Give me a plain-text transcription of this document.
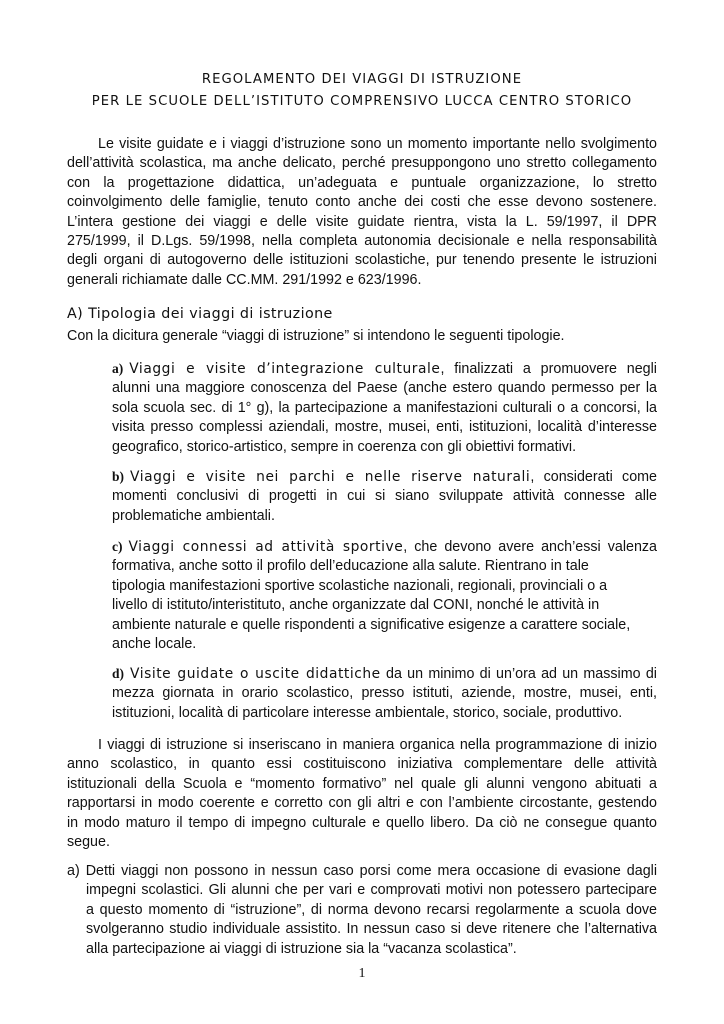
REGOLAMENTO DEI VIAGGI DI ISTRUZIONE
PER LE SCUOLE DELL’ISTITUTO COMPRENSIVO LUCCA CENTRO STORICO
Le visite guidate e i viaggi d’istruzione sono un momento importante nello svolgimento
dell’attività scolastica, ma anche delicato, perché presuppongono uno stretto collegamento
con la progettazione didattica, un’adeguata e puntuale organizzazione, lo stretto
coinvolgimento delle famiglie, tenuto conto anche dei costi che esse devono sostenere.
L’intera gestione dei viaggi e delle visite guidate rientra, vista la L. 59/1997, il DPR
275/1999, il D.Lgs. 59/1998, nella completa autonomia decisionale e nella responsabilità
degli organi di autogoverno delle istituzioni scolastiche, pur tenendo presente le istruzioni
generali richiamate dalle CC.MM. 291/1992 e 623/1996.
A) Tipologia dei viaggi di istruzione
Con la dicitura generale “viaggi di istruzione” si intendono le seguenti tipologie.
a) Viaggi e visite d’integrazione culturale, finalizzati a promuovere negli
alunni una maggiore conoscenza del Paese (anche estero quando permesso per la
sola scuola sec. di 1° g), la partecipazione a manifestazioni culturali o a concorsi, la
visita presso complessi aziendali, mostre, musei, enti, istituzioni, località d’interesse
geografico, storico-artistico, sempre in coerenza con gli obiettivi formativi.
b) Viaggi e visite nei parchi e nelle riserve naturali, considerati come
momenti conclusivi di progetti in cui si siano sviluppate attività connesse alle
problematiche ambientali.
c) Viaggi connessi ad attività sportive, che devono avere anch’essi valenza
formativa, anche sotto il profilo dell’educazione alla salute. Rientrano in tale
tipologia manifestazioni sportive scolastiche nazionali, regionali, provinciali o a
livello di istituto/interistituto, anche organizzate dal CONI, nonché le attività in
ambiente naturale e quelle rispondenti a significative esigenze a carattere sociale,
anche locale.
d) Visite guidate o uscite didattiche da un minimo di un’ora ad un massimo di
mezza giornata in orario scolastico, presso istituti, aziende, mostre, musei, enti,
istituzioni, località di particolare interesse ambientale, storico, sociale, produttivo.
I viaggi di istruzione si inseriscano in maniera organica nella programmazione di inizio
anno scolastico, in quanto essi costituiscono iniziativa complementare delle attività
istituzionali della Scuola e “momento formativo” nel quale gli alunni vengono abituati a
rapportarsi in modo coerente e corretto con gli altri e con l’ambiente circostante, gestendo
in modo maturo il tempo di impegno culturale e quello libero. Da ciò ne consegue quanto
segue.
a) Detti viaggi non possono in nessun caso porsi come mera occasione di evasione dagli
impegni scolastici. Gli alunni che per vari e comprovati motivi non potessero partecipare
a questo momento di “istruzione”, di norma devono recarsi regolarmente a scuola dove
svolgeranno studio individuale assistito. In nessun caso si deve ritenere che l’alternativa
alla partecipazione ai viaggi di istruzione sia la “vacanza scolastica”.
1
